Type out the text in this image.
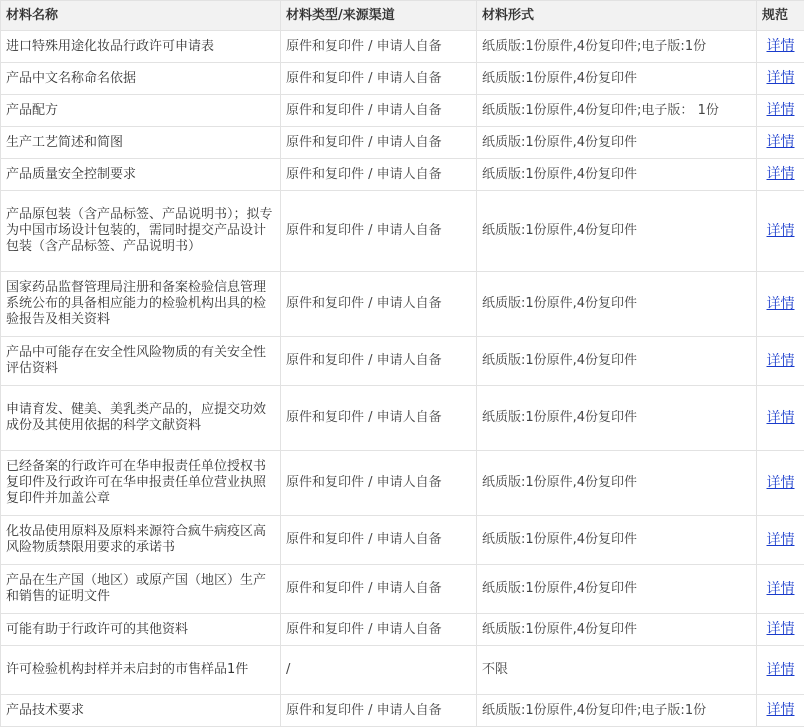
材料名称	材料类型/来源渠道	材料形式	规范
进口特殊用途化妆品行政许可申请表	原件和复印件 / 申请人自备	纸质版:1份原件,4份复印件;电子版:1份	详情
产品中文名称命名依据	原件和复印件 / 申请人自备	纸质版:1份原件,4份复印件	详情
产品配方	原件和复印件 / 申请人自备	纸质版:1份原件,4份复印件;电子版： 1份	详情
生产工艺简述和简图	原件和复印件 / 申请人自备	纸质版:1份原件,4份复印件	详情
产品质量安全控制要求	原件和复印件 / 申请人自备	纸质版:1份原件,4份复印件	详情
产品原包装（含产品标签、产品说明书）；拟专为中国市场设计包装的，需同时提交产品设计包装（含产品标签、产品说明书）	原件和复印件 / 申请人自备	纸质版:1份原件,4份复印件	详情
国家药品监督管理局注册和备案检验信息管理系统公布的具备相应能力的检验机构出具的检验报告及相关资料	原件和复印件 / 申请人自备	纸质版:1份原件,4份复印件	详情
产品中可能存在安全性风险物质的有关安全性评估资料	原件和复印件 / 申请人自备	纸质版:1份原件,4份复印件	详情
申请育发、健美、美乳类产品的，应提交功效成份及其使用依据的科学文献资料	原件和复印件 / 申请人自备	纸质版:1份原件,4份复印件	详情
已经备案的行政许可在华申报责任单位授权书复印件及行政许可在华申报责任单位营业执照复印件并加盖公章	原件和复印件 / 申请人自备	纸质版:1份原件,4份复印件	详情
化妆品使用原料及原料来源符合疯牛病疫区高风险物质禁限用要求的承诺书	原件和复印件 / 申请人自备	纸质版:1份原件,4份复印件	详情
产品在生产国（地区）或原产国（地区）生产和销售的证明文件	原件和复印件 / 申请人自备	纸质版:1份原件,4份复印件	详情
可能有助于行政许可的其他资料	原件和复印件 / 申请人自备	纸质版:1份原件,4份复印件	详情
许可检验机构封样并未启封的市售样品1件	/	不限	详情
产品技术要求	原件和复印件 / 申请人自备	纸质版:1份原件,4份复印件;电子版:1份	详情
